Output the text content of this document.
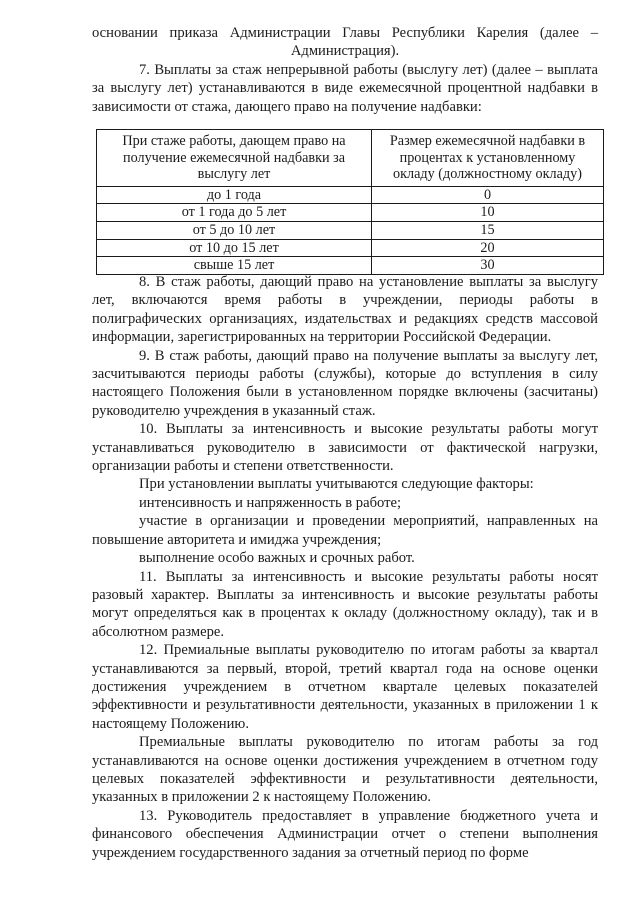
основании приказа Администрации Главы Республики Карелия (далее – Администрация).

7. Выплаты за стаж непрерывной работы (выслугу лет) (далее – выплата за выслугу лет) устанавливаются в виде ежемесячной процентной надбавки в зависимости от стажа, дающего право на получение надбавки:

При стаже работы, дающем право на получение ежемесячной надбавки за выслугу лет	Размер ежемесячной надбавки в процентах к установленному окладу (должностному окладу)
до 1 года	0
от 1 года до 5 лет	10
от 5 до 10 лет	15
от 10 до 15 лет	20
свыше 15 лет	30

8. В стаж работы, дающий право на установление выплаты за выслугу лет, включаются время работы в учреждении, периоды работы в полиграфических организациях, издательствах и редакциях средств массовой информации, зарегистрированных на территории Российской Федерации.

9. В стаж работы, дающий право на получение выплаты за выслугу лет, засчитываются периоды работы (службы), которые до вступления в силу настоящего Положения были в установленном порядке включены (засчитаны) руководителю учреждения в указанный стаж.

10. Выплаты за интенсивность и высокие результаты работы могут устанавливаться руководителю в зависимости от фактической нагрузки, организации работы и степени ответственности.

При установлении выплаты учитываются следующие факторы:

интенсивность и напряженность в работе;

участие в организации и проведении мероприятий, направленных на повышение авторитета и имиджа учреждения;

выполнение особо важных и срочных работ.

11. Выплаты за интенсивность и высокие результаты работы носят разовый характер. Выплаты за интенсивность и высокие результаты работы могут определяться как в процентах к окладу (должностному окладу), так и в абсолютном размере.

12. Премиальные выплаты руководителю по итогам работы за квартал устанавливаются за первый, второй, третий квартал года на основе оценки достижения учреждением в отчетном квартале целевых показателей эффективности и результативности деятельности, указанных в приложении 1 к настоящему Положению.

Премиальные выплаты руководителю по итогам работы за год устанавливаются на основе оценки достижения учреждением в отчетном году целевых показателей эффективности и результативности деятельности, указанных в приложении 2 к настоящему Положению.

13. Руководитель предоставляет в управление бюджетного учета и финансового обеспечения Администрации отчет о степени выполнения учреждением государственного задания за отчетный период по форме
